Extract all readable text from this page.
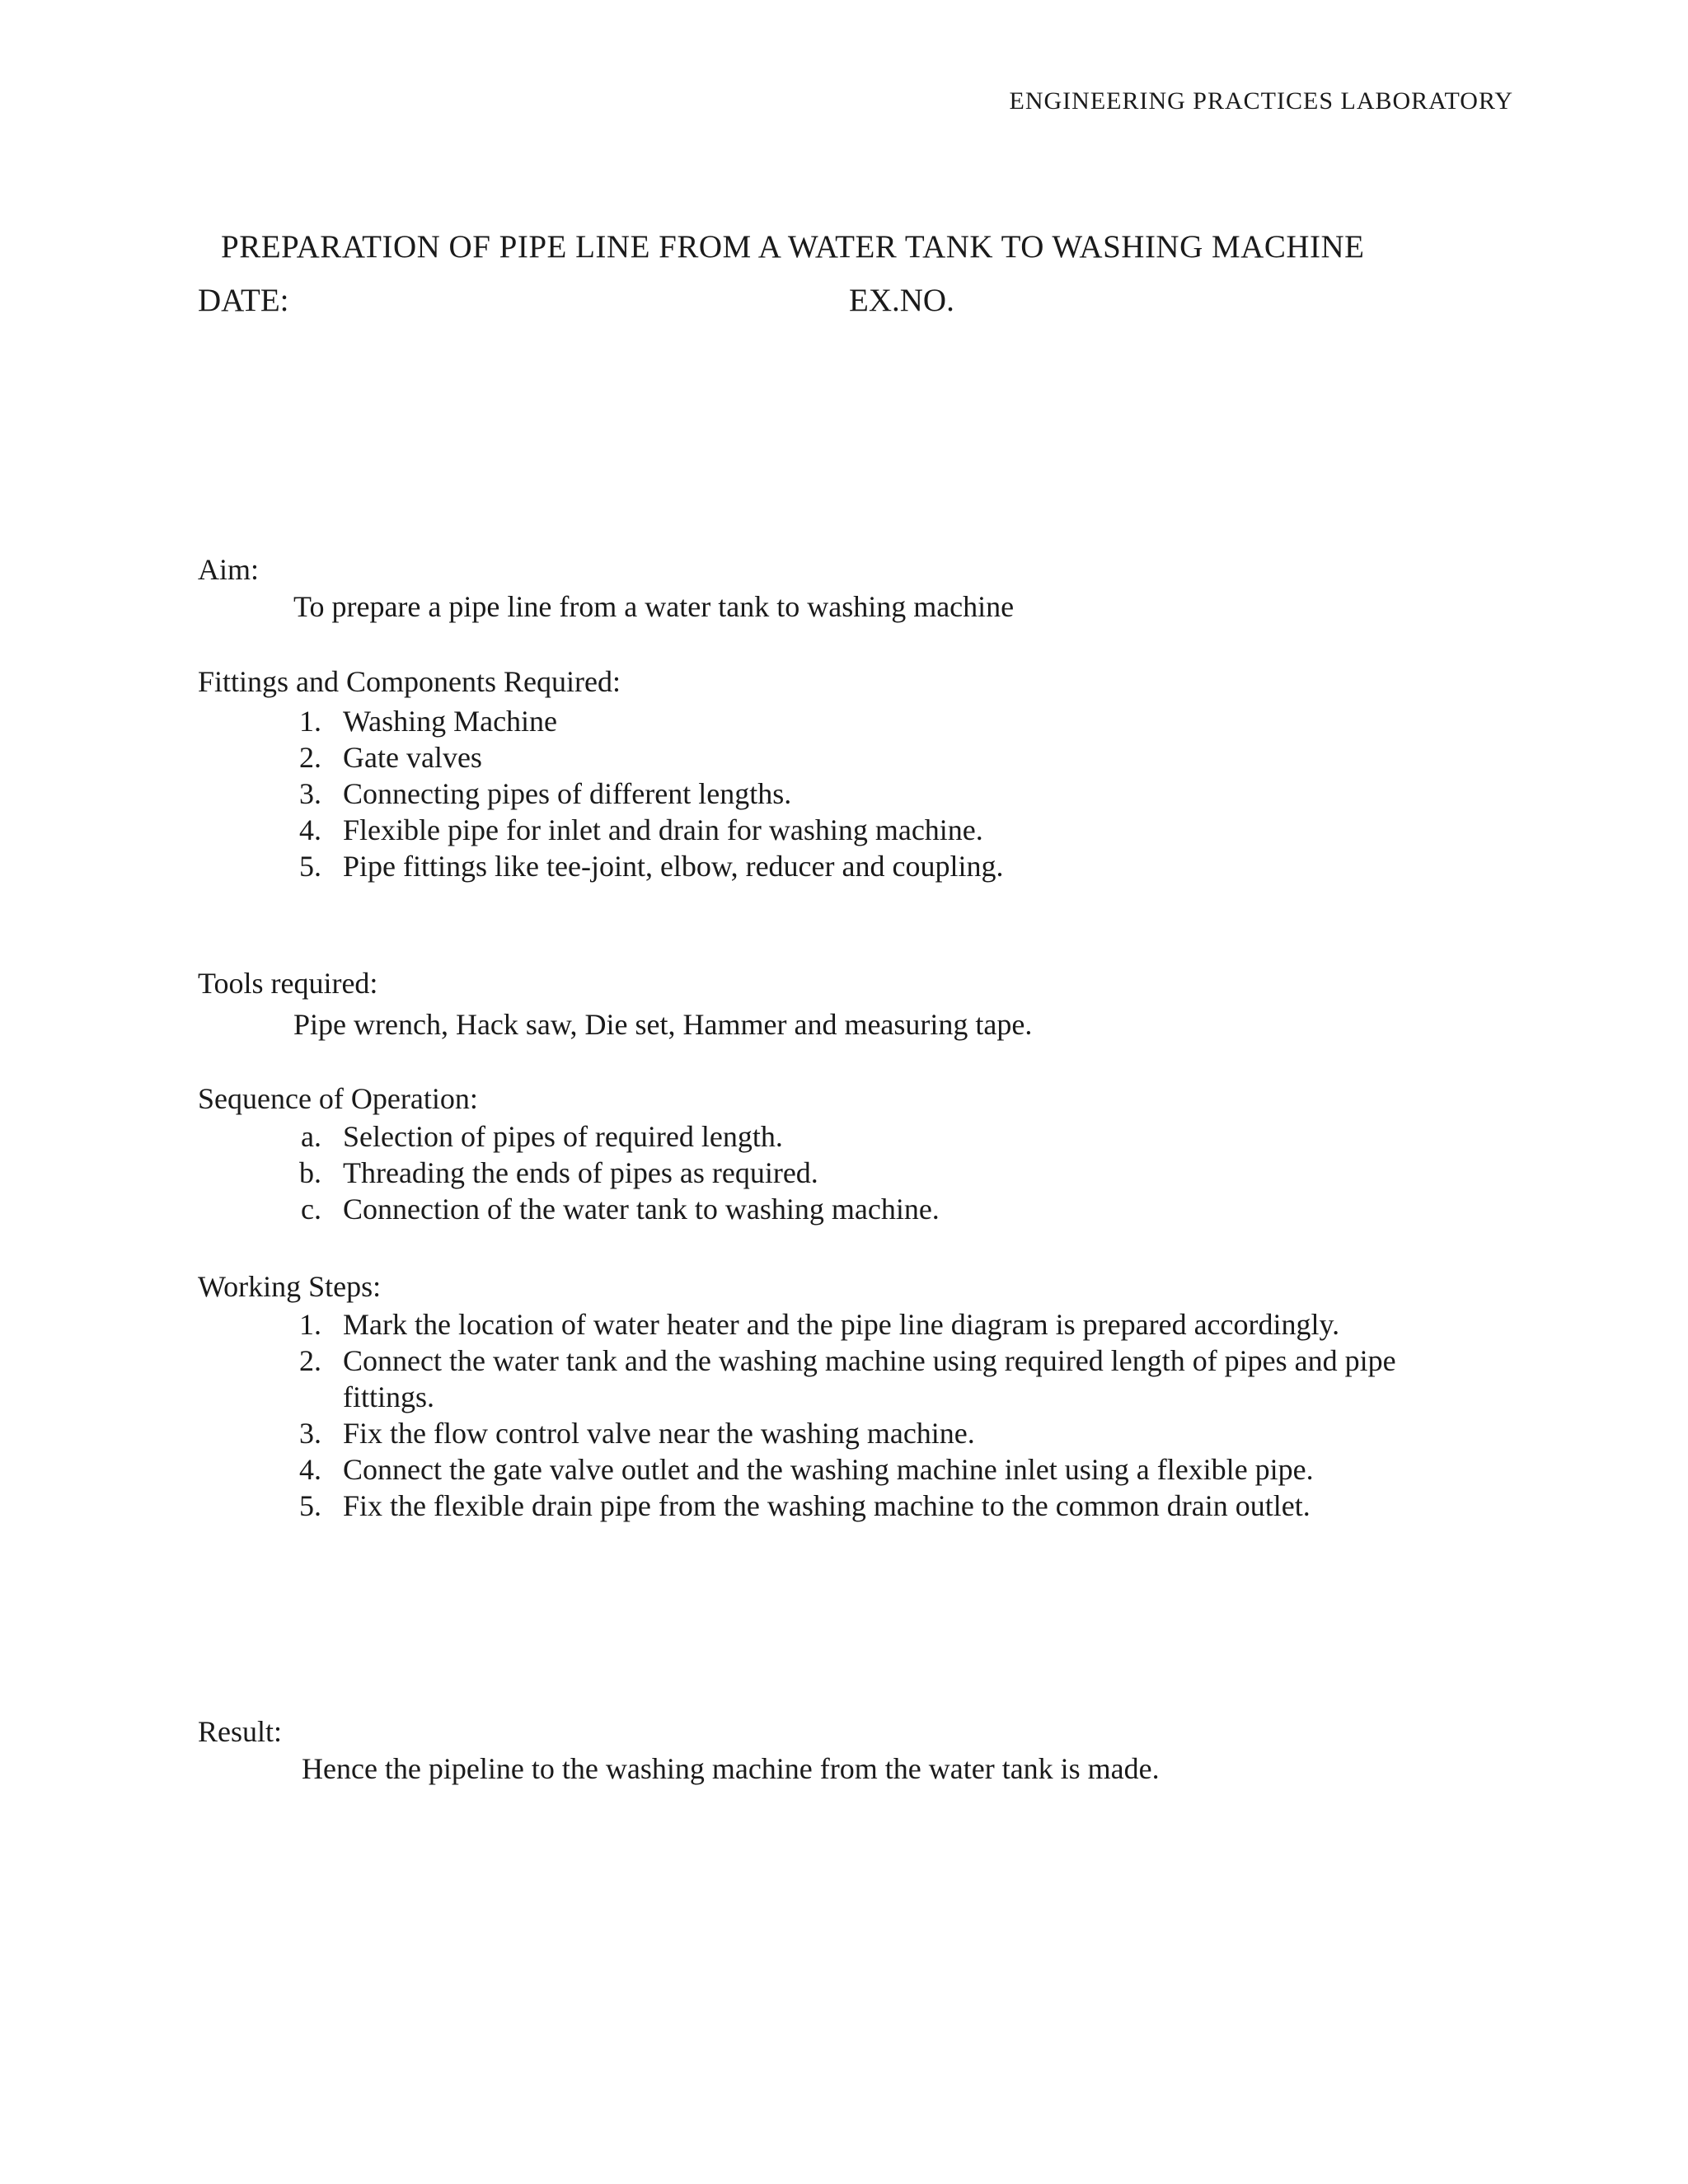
ENGINEERING PRACTICES LABORATORY
PREPARATION OF PIPE LINE FROM A WATER TANK TO WASHING MACHINE
DATE:	EX.NO.
Aim:
To prepare a pipe line from a water tank to washing machine
Fittings and Components Required:
1. Washing Machine
2. Gate valves
3. Connecting pipes of different lengths.
4. Flexible pipe for inlet and drain for washing machine.
5. Pipe fittings like tee-joint, elbow, reducer and coupling.
Tools required:
Pipe wrench, Hack saw, Die set, Hammer and measuring tape.
Sequence of Operation:
a. Selection of pipes of required length.
b. Threading the ends of pipes as required.
c. Connection of the water tank to washing machine.
Working Steps:
1. Mark the location of water heater and the pipe line diagram is prepared accordingly.
2. Connect the water tank and the washing machine using required length of pipes and pipe fittings.
3. Fix the flow control valve near the washing machine.
4. Connect the gate valve outlet and the washing machine inlet using a flexible pipe.
5. Fix the flexible drain pipe from the washing machine to the common drain outlet.
Result:
Hence the pipeline to the washing machine from the water tank is made.
